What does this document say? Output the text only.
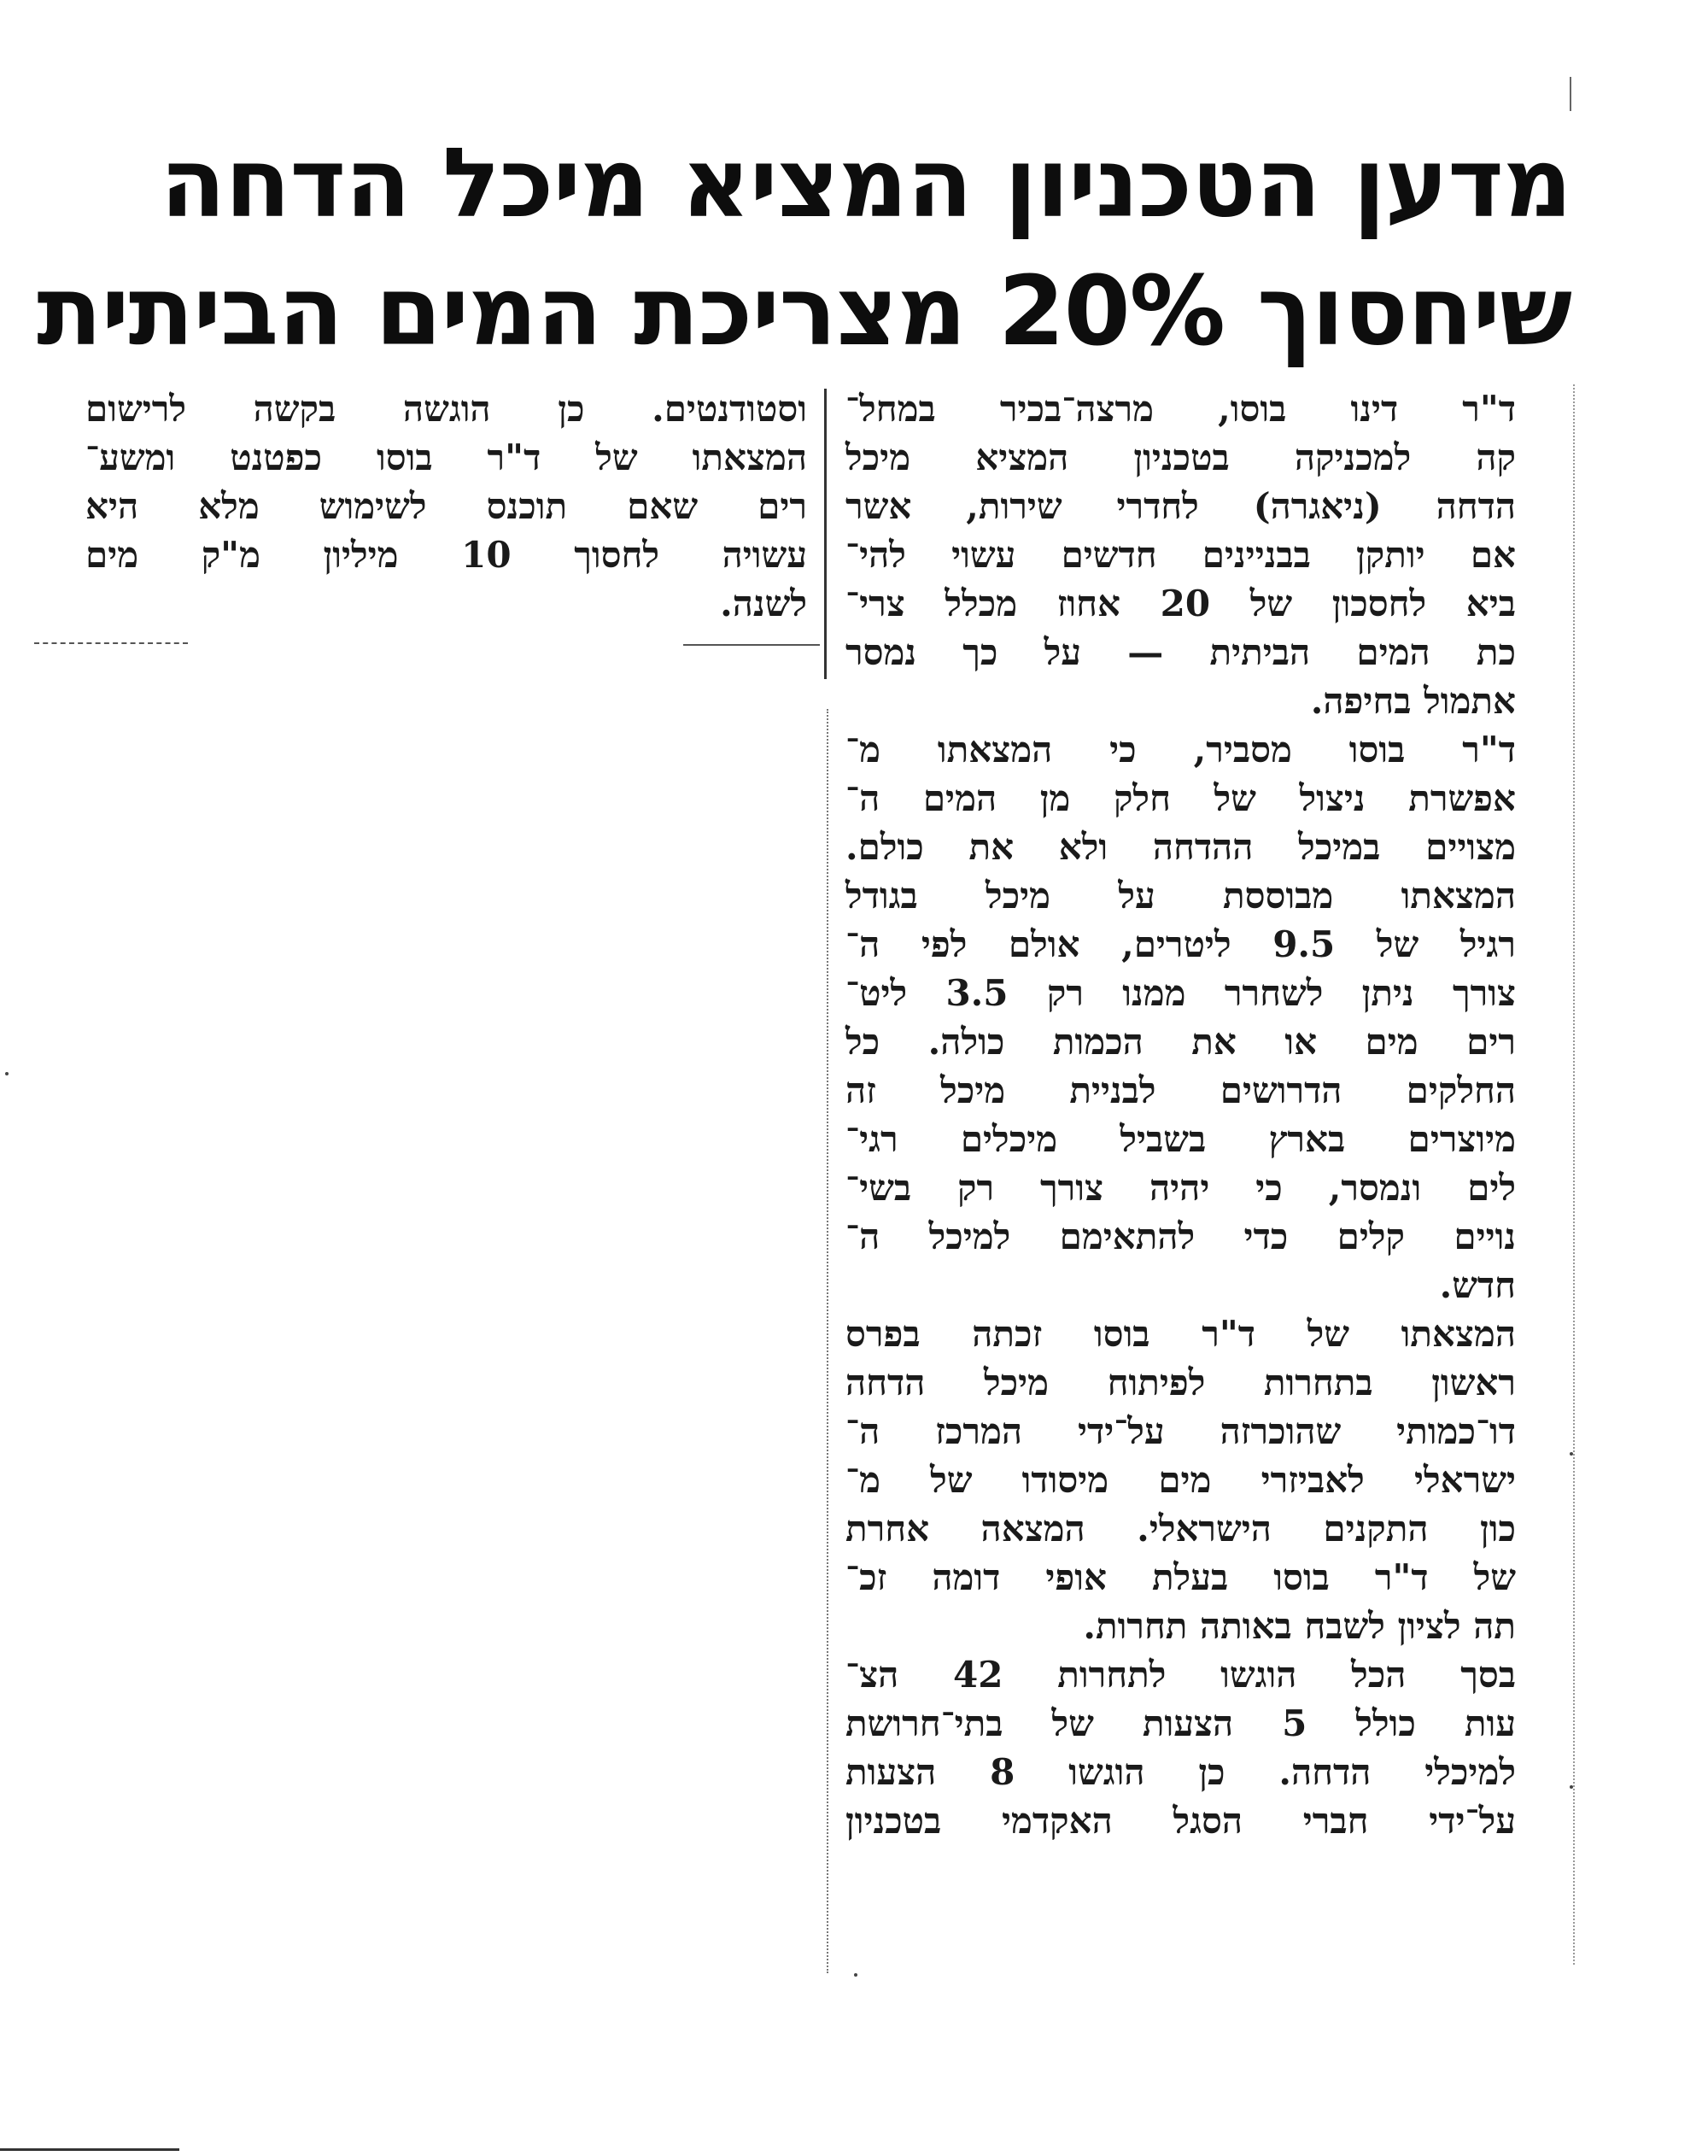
מדען הטכניון המציא מיכל הדחה
שיחסוך 20% מצריכת המים הביתית

ד"ר דינו בוסו, מרצה־בכיר במחל־
קה למכניקה בטכניון המציא מיכל
הדחה (ניאגרה) לחדרי שירות, אשר
אם יותקן בבניינים חדשים עשוי להי־
ביא לחסכון של 20 אחוז מכלל צרי־
כת המים הביתית — על כך נמסר
אתמול בחיפה.

ד"ר בוסו מסביר, כי המצאתו מ־
אפשרת ניצול של חלק מן המים ה־
מצויים במיכל ההדחה ולא את כולם.
המצאתו מבוססת על מיכל בגודל
רגיל של 9.5 ליטרים, אולם לפי ה־
צורך ניתן לשחרר ממנו רק 3.5 ליט־
רים מים או את הכמות כולה. כל
החלקים הדרושים לבניית מיכל זה
מיוצרים בארץ בשביל מיכלים רגי־
לים ונמסר, כי יהיה צורך רק בשי־
נויים קלים כדי להתאימם למיכל ה־
חדש.

המצאתו של ד"ר בוסו זכתה בפרס
ראשון בתחרות לפיתוח מיכל הדחה
דו־כמותי שהוכרזה על־ידי המרכז ה־
ישראלי לאביזרי מים מיסודו של מ־
כון התקנים הישראלי. המצאה אחרת
של ד"ר בוסו בעלת אופי דומה זכ־
תה לציון לשבח באותה תחרות.

בסך הכל הוגשו לתחרות 42 הצ־
עות כולל 5 הצעות של בתי־חרושת
למיכלי הדחה. כן הוגשו 8 הצעות
על־ידי חברי הסגל האקדמי בטכניון

וסטודנטים. כן הוגשה בקשה לרישום
המצאתו של ד"ר בוסו כפטנט ומשע־
רים שאם תוכנס לשימוש מלא היא
עשויה לחסוך 10 מיליון מ"ק מים
לשנה.
